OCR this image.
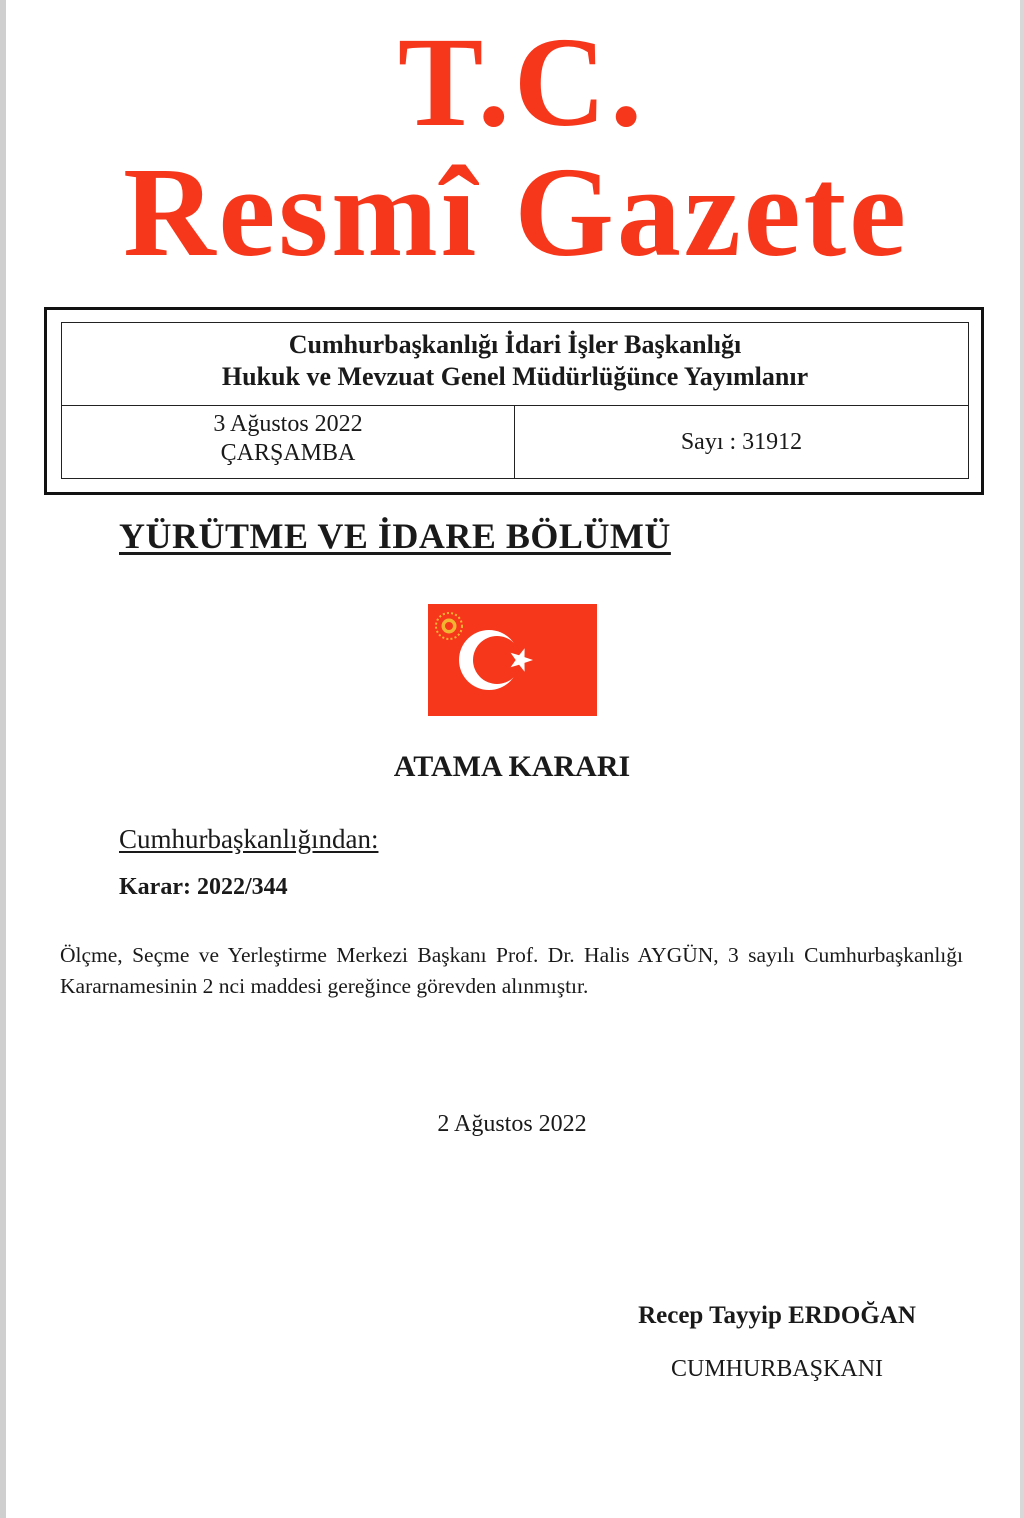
T.C.
Resmî Gazete
Cumhurbaşkanlığı İdari İşler Başkanlığı
Hukuk ve Mevzuat Genel Müdürlüğünce Yayımlanır
3 Ağustos 2022
ÇARŞAMBA	Sayı : 31912
YÜRÜTME VE İDARE BÖLÜMÜ
ATAMA KARARI
Cumhurbaşkanlığından:
Karar: 2022/344
Ölçme, Seçme ve Yerleştirme Merkezi Başkanı Prof. Dr. Halis AYGÜN, 3 sayılı Cumhurbaşkanlığı Kararnamesinin 2 nci maddesi gereğince görevden alınmıştır.
2 Ağustos 2022
Recep Tayyip ERDOĞAN
CUMHURBAŞKANI
